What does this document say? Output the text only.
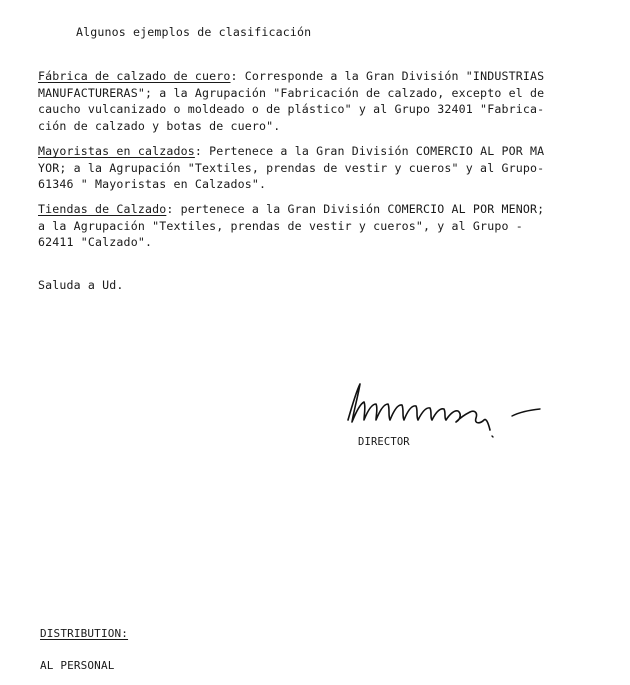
Algunos ejemplos de clasificación
Fábrica de calzado de cuero: Corresponde a la Gran División "INDUSTRIAS
MANUFACTURERAS"; a la Agrupación "Fabricación de calzado, excepto el de
caucho vulcanizado o moldeado o de plástico" y al Grupo 32401 "Fabrica-
ción de calzado y botas de cuero".
Mayoristas en calzados: Pertenece a la Gran División COMERCIO AL POR MA
YOR; a la Agrupación "Textiles, prendas de vestir y cueros" y al Grupo-
61346 " Mayoristas en Calzados".
Tiendas de Calzado: pertenece a la Gran División COMERCIO AL POR MENOR;
a la Agrupación "Textiles, prendas de vestir y cueros", y al Grupo -
62411 "Calzado".
Saluda a Ud.
DIRECTOR
DISTRIBUTION:
AL PERSONAL
